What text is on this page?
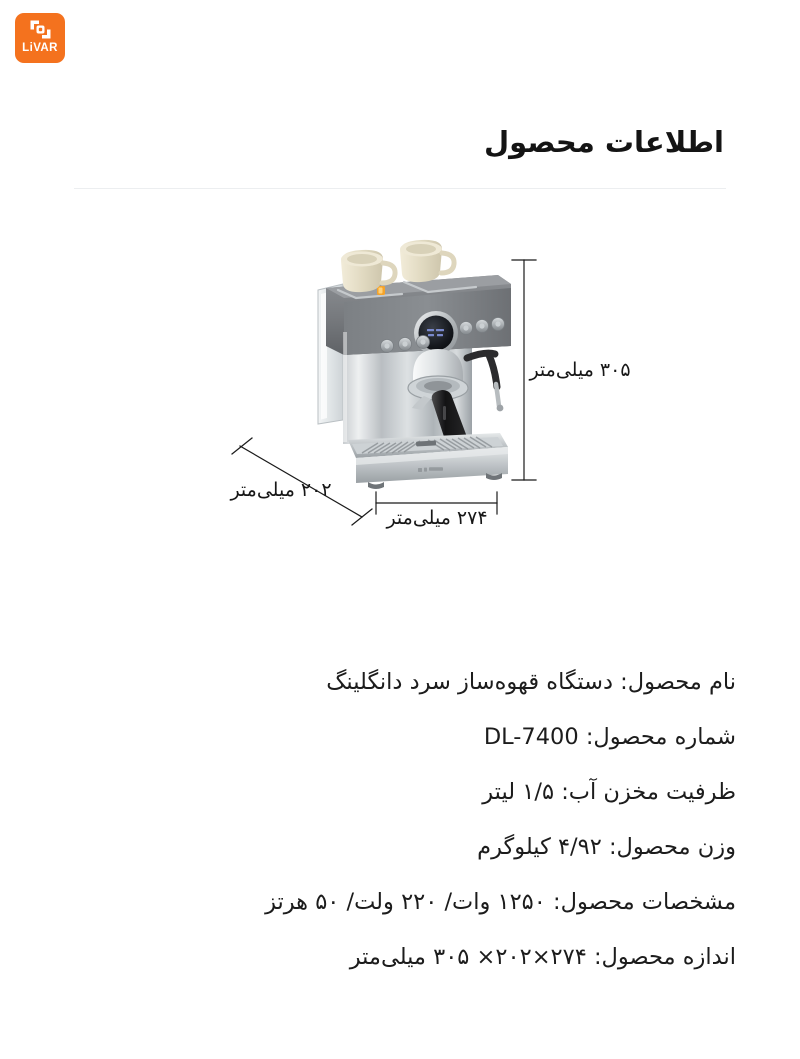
LiVAR
اطلاعات محصول
۳۰۵ میلی‌متر
۲۷۴ میلی‌متر
۲۰۲ میلی‌متر
نام محصول: دستگاه قهوه‌ساز سرد دانگلینگ
شماره محصول: DL-7400
ظرفیت مخزن آب: ۱/۵ لیتر
وزن محصول: ۴/۹۲ کیلوگرم
مشخصات محصول: ۱۲۵۰ وات/ ۲۲۰ ولت/ ۵۰ هرتز
اندازه محصول: ۲۷۴×۲۰۲× ۳۰۵ میلی‌متر
